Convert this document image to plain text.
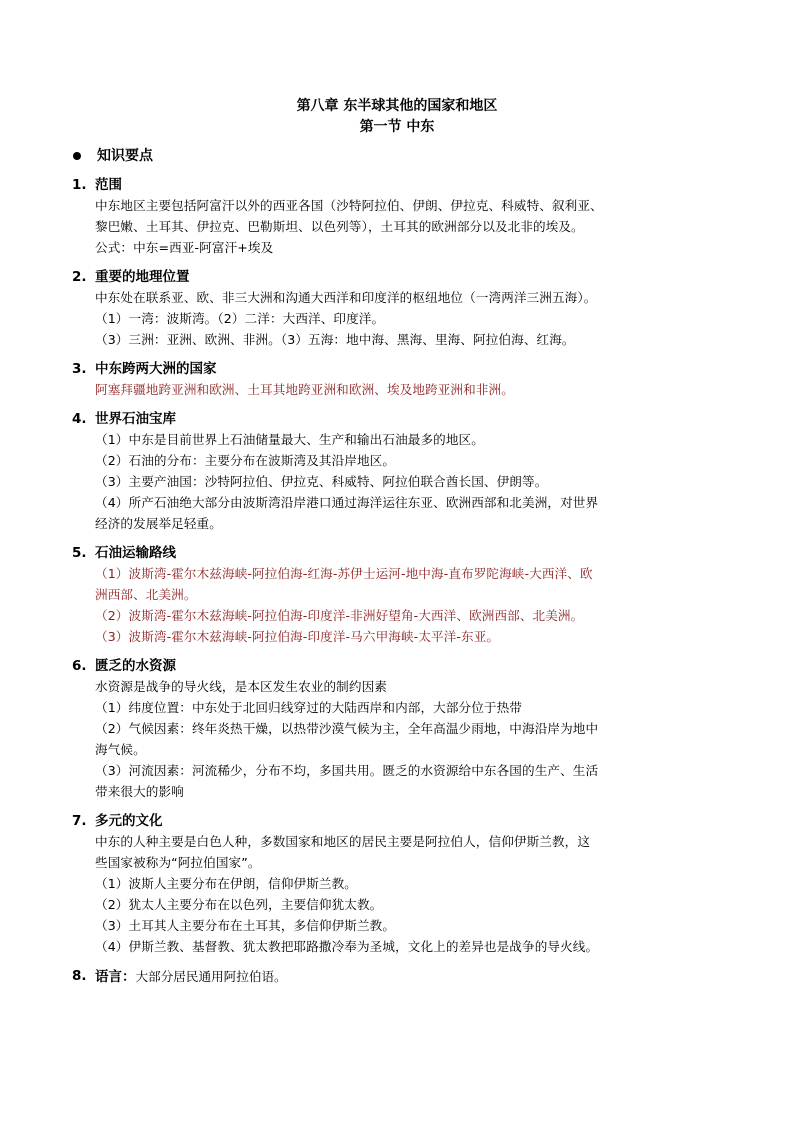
第八章 东半球其他的国家和地区
第一节 中东
知识要点
1. 范围
中东地区主要包括阿富汗以外的西亚各国（沙特阿拉伯、伊朗、伊拉克、科威特、叙利亚、
黎巴嫩、土耳其、伊拉克、巴勒斯坦、以色列等），土耳其的欧洲部分以及北非的埃及。
公式：中东=西亚-阿富汗+埃及
2. 重要的地理位置
中东处在联系亚、欧、非三大洲和沟通大西洋和印度洋的枢纽地位（一湾两洋三洲五海）。
（1）一湾：波斯湾。（2）二洋：大西洋、印度洋。
（3）三洲：亚洲、欧洲、非洲。（3）五海：地中海、黑海、里海、阿拉伯海、红海。
3. 中东跨两大洲的国家
阿塞拜疆地跨亚洲和欧洲、土耳其地跨亚洲和欧洲、埃及地跨亚洲和非洲。
4. 世界石油宝库
（1）中东是目前世界上石油储量最大、生产和输出石油最多的地区。
（2）石油的分布：主要分布在波斯湾及其沿岸地区。
（3）主要产油国：沙特阿拉伯、伊拉克、科威特、阿拉伯联合酋长国、伊朗等。
（4）所产石油绝大部分由波斯湾沿岸港口通过海洋运往东亚、欧洲西部和北美洲，对世界
经济的发展举足轻重。
5. 石油运输路线
（1）波斯湾-霍尔木兹海峡-阿拉伯海-红海-苏伊士运河-地中海-直布罗陀海峡-大西洋、欧
洲西部、北美洲。
（2）波斯湾-霍尔木兹海峡-阿拉伯海-印度洋-非洲好望角-大西洋、欧洲西部、北美洲。
（3）波斯湾-霍尔木兹海峡-阿拉伯海-印度洋-马六甲海峡-太平洋-东亚。
6. 匮乏的水资源
水资源是战争的导火线，是本区发生农业的制约因素
（1）纬度位置：中东处于北回归线穿过的大陆西岸和内部，大部分位于热带
（2）气候因素：终年炎热干燥，以热带沙漠气候为主，全年高温少雨地，中海沿岸为地中
海气候。
（3）河流因素：河流稀少，分布不均，多国共用。匮乏的水资源给中东各国的生产、生活
带来很大的影响
7. 多元的文化
中东的人种主要是白色人种，多数国家和地区的居民主要是阿拉伯人，信仰伊斯兰教，这
些国家被称为“阿拉伯国家”。
（1）波斯人主要分布在伊朗，信仰伊斯兰教。
（2）犹太人主要分布在以色列，主要信仰犹太教。
（3）土耳其人主要分布在土耳其，多信仰伊斯兰教。
（4）伊斯兰教、基督教、犹太教把耶路撒冷奉为圣城，文化上的差异也是战争的导火线。
8. 语言：大部分居民通用阿拉伯语。
